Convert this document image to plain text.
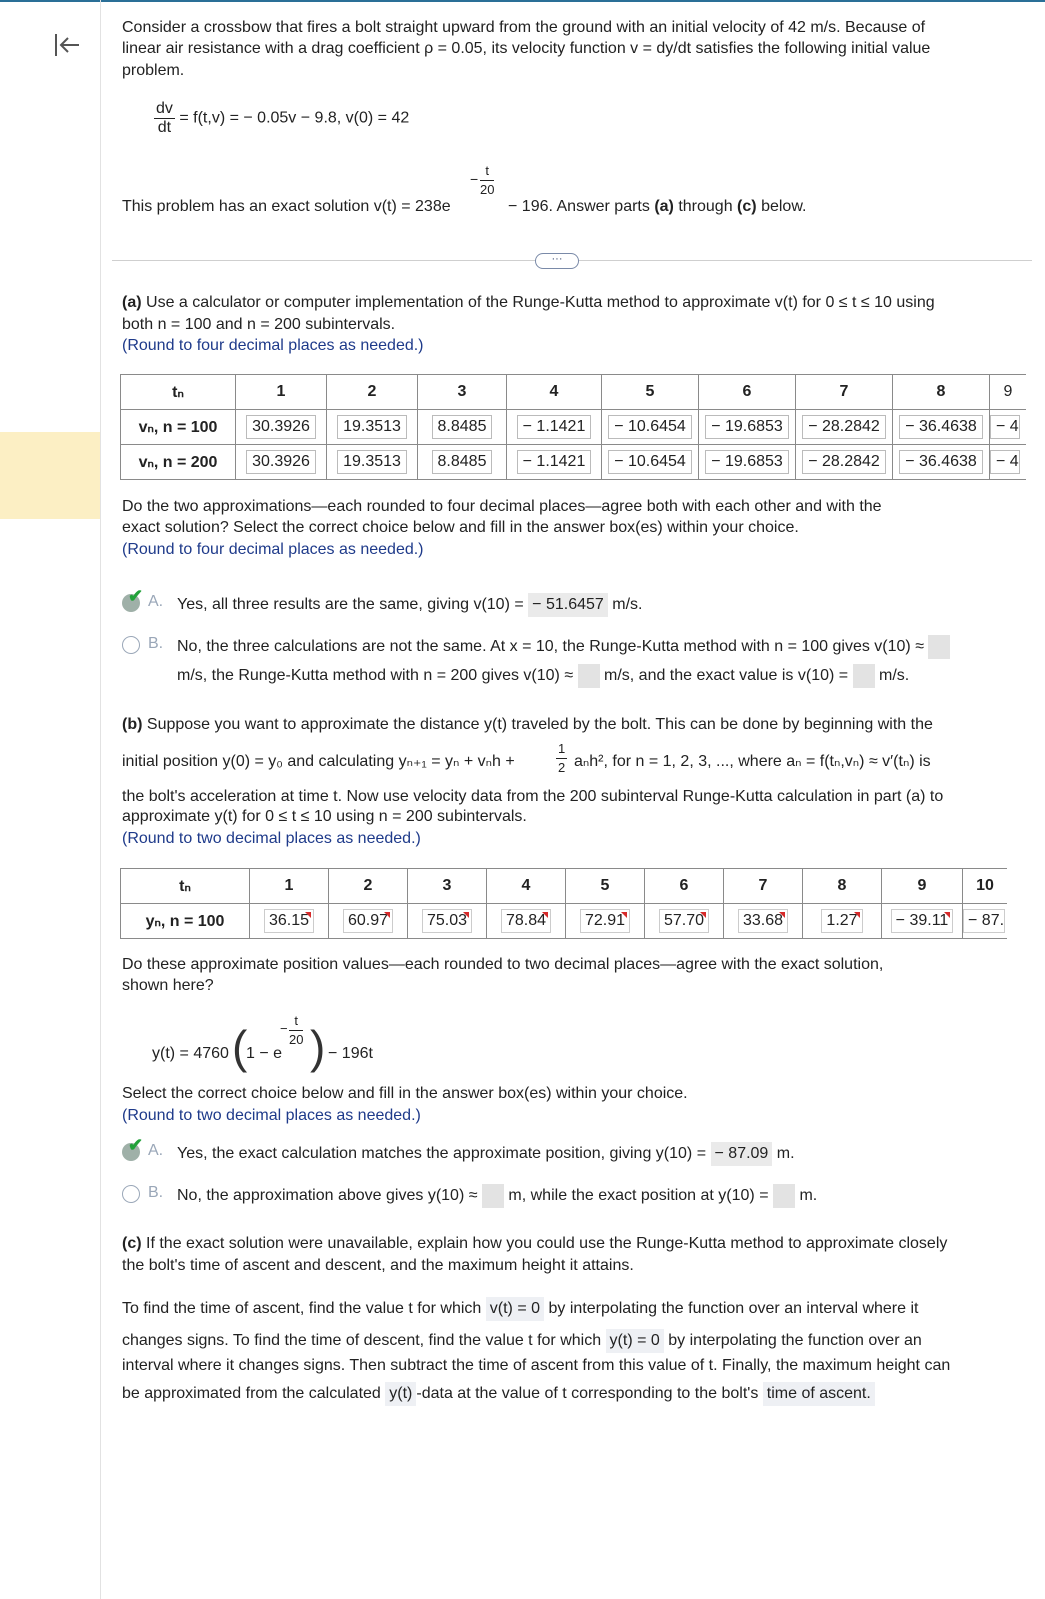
Consider a crossbow that fires a bolt straight upward from the ground with an initial velocity of 42 m/s. Because of
linear air resistance with a drag coefficient ρ = 0.05, its velocity function v = dy/dt satisfies the following initial value
problem.
$\frac{dv}{dt} = f(t,v)$ = − 0.05v − 9.8, v(0) = 42
This problem has an exact solution v(t) = 238e
− $\frac{t}{20}$
− 196. Answer parts (a) through (c) below.
···
(a) Use a calculator or computer implementation of the Runge-Kutta method to approximate v(t) for 0 ≤ t ≤ 10 using
both n = 100 and n = 200 subintervals.
(Round to four decimal places as needed.)
tₙ	1	2	3	4	5	6	7	8	9
vₙ, n = 100	30.3926	19.3513	8.8485	− 1.1421	− 10.6454	− 19.6853	− 28.2842	− 36.4638	− 4
vₙ, n = 200	30.3926	19.3513	8.8485	− 1.1421	− 10.6454	− 19.6853	− 28.2842	− 36.4638	− 4
Do the two approximations—each rounded to four decimal places—agree both with each other and with the
exact solution? Select the correct choice below and fill in the answer box(es) within your choice.
(Round to four decimal places as needed.)
✔ A. Yes, all three results are the same, giving v(10) = − 51.6457 m/s.
B. No, the three calculations are not the same. At x = 10, the Runge-Kutta method with n = 100 gives v(10) ≈
m/s, the Runge-Kutta method with n = 200 gives v(10) ≈ m/s, and the exact value is v(10) = m/s.
(b) Suppose you want to approximate the distance y(t) traveled by the bolt. This can be done by beginning with the
initial position y(0) = y₀ and calculating yₙ₊₁ = yₙ + vₙh +	$\frac{1}{2} a_nh^2$, for n = 1, 2, 3, ..., where aₙ = f(tₙ,vₙ) ≈ v′(tₙ) is
the bolt's acceleration at time t. Now use velocity data from the 200 subinterval Runge-Kutta calculation in part (a) to
approximate y(t) for 0 ≤ t ≤ 10 using n = 200 subintervals.
(Round to two decimal places as needed.)
tₙ	1	2	3	4	5	6	7	8	9	10
yₙ, n = 100	36.15	60.97	75.03	78.84	72.91	57.70	33.68	1.27	− 39.11	− 87.
Do these approximate position values—each rounded to two decimal places—agree with the exact solution,
shown here?
y(t) = 4760 (
1 − e
− $\frac{t}{20}$ ) − 196t
Select the correct choice below and fill in the answer box(es) within your choice.
(Round to two decimal places as needed.)
✔ A. Yes, the exact calculation matches the approximate position, giving y(10) = − 87.09 m.
B. No, the approximation above gives y(10) ≈ m, while the exact position at y(10) = m.
(c) If the exact solution were unavailable, explain how you could use the Runge-Kutta method to approximate closely
the bolt's time of ascent and descent, and the maximum height it attains.
To find the time of ascent, find the value t for which v(t) = 0 by interpolating the function over an interval where it
changes signs. To find the time of descent, find the value t for which y(t) = 0 by interpolating the function over an
interval where it changes signs. Then subtract the time of ascent from this value of t. Finally, the maximum height can
be approximated from the calculated y(t) -data at the value of t corresponding to the bolt's time of ascent.
